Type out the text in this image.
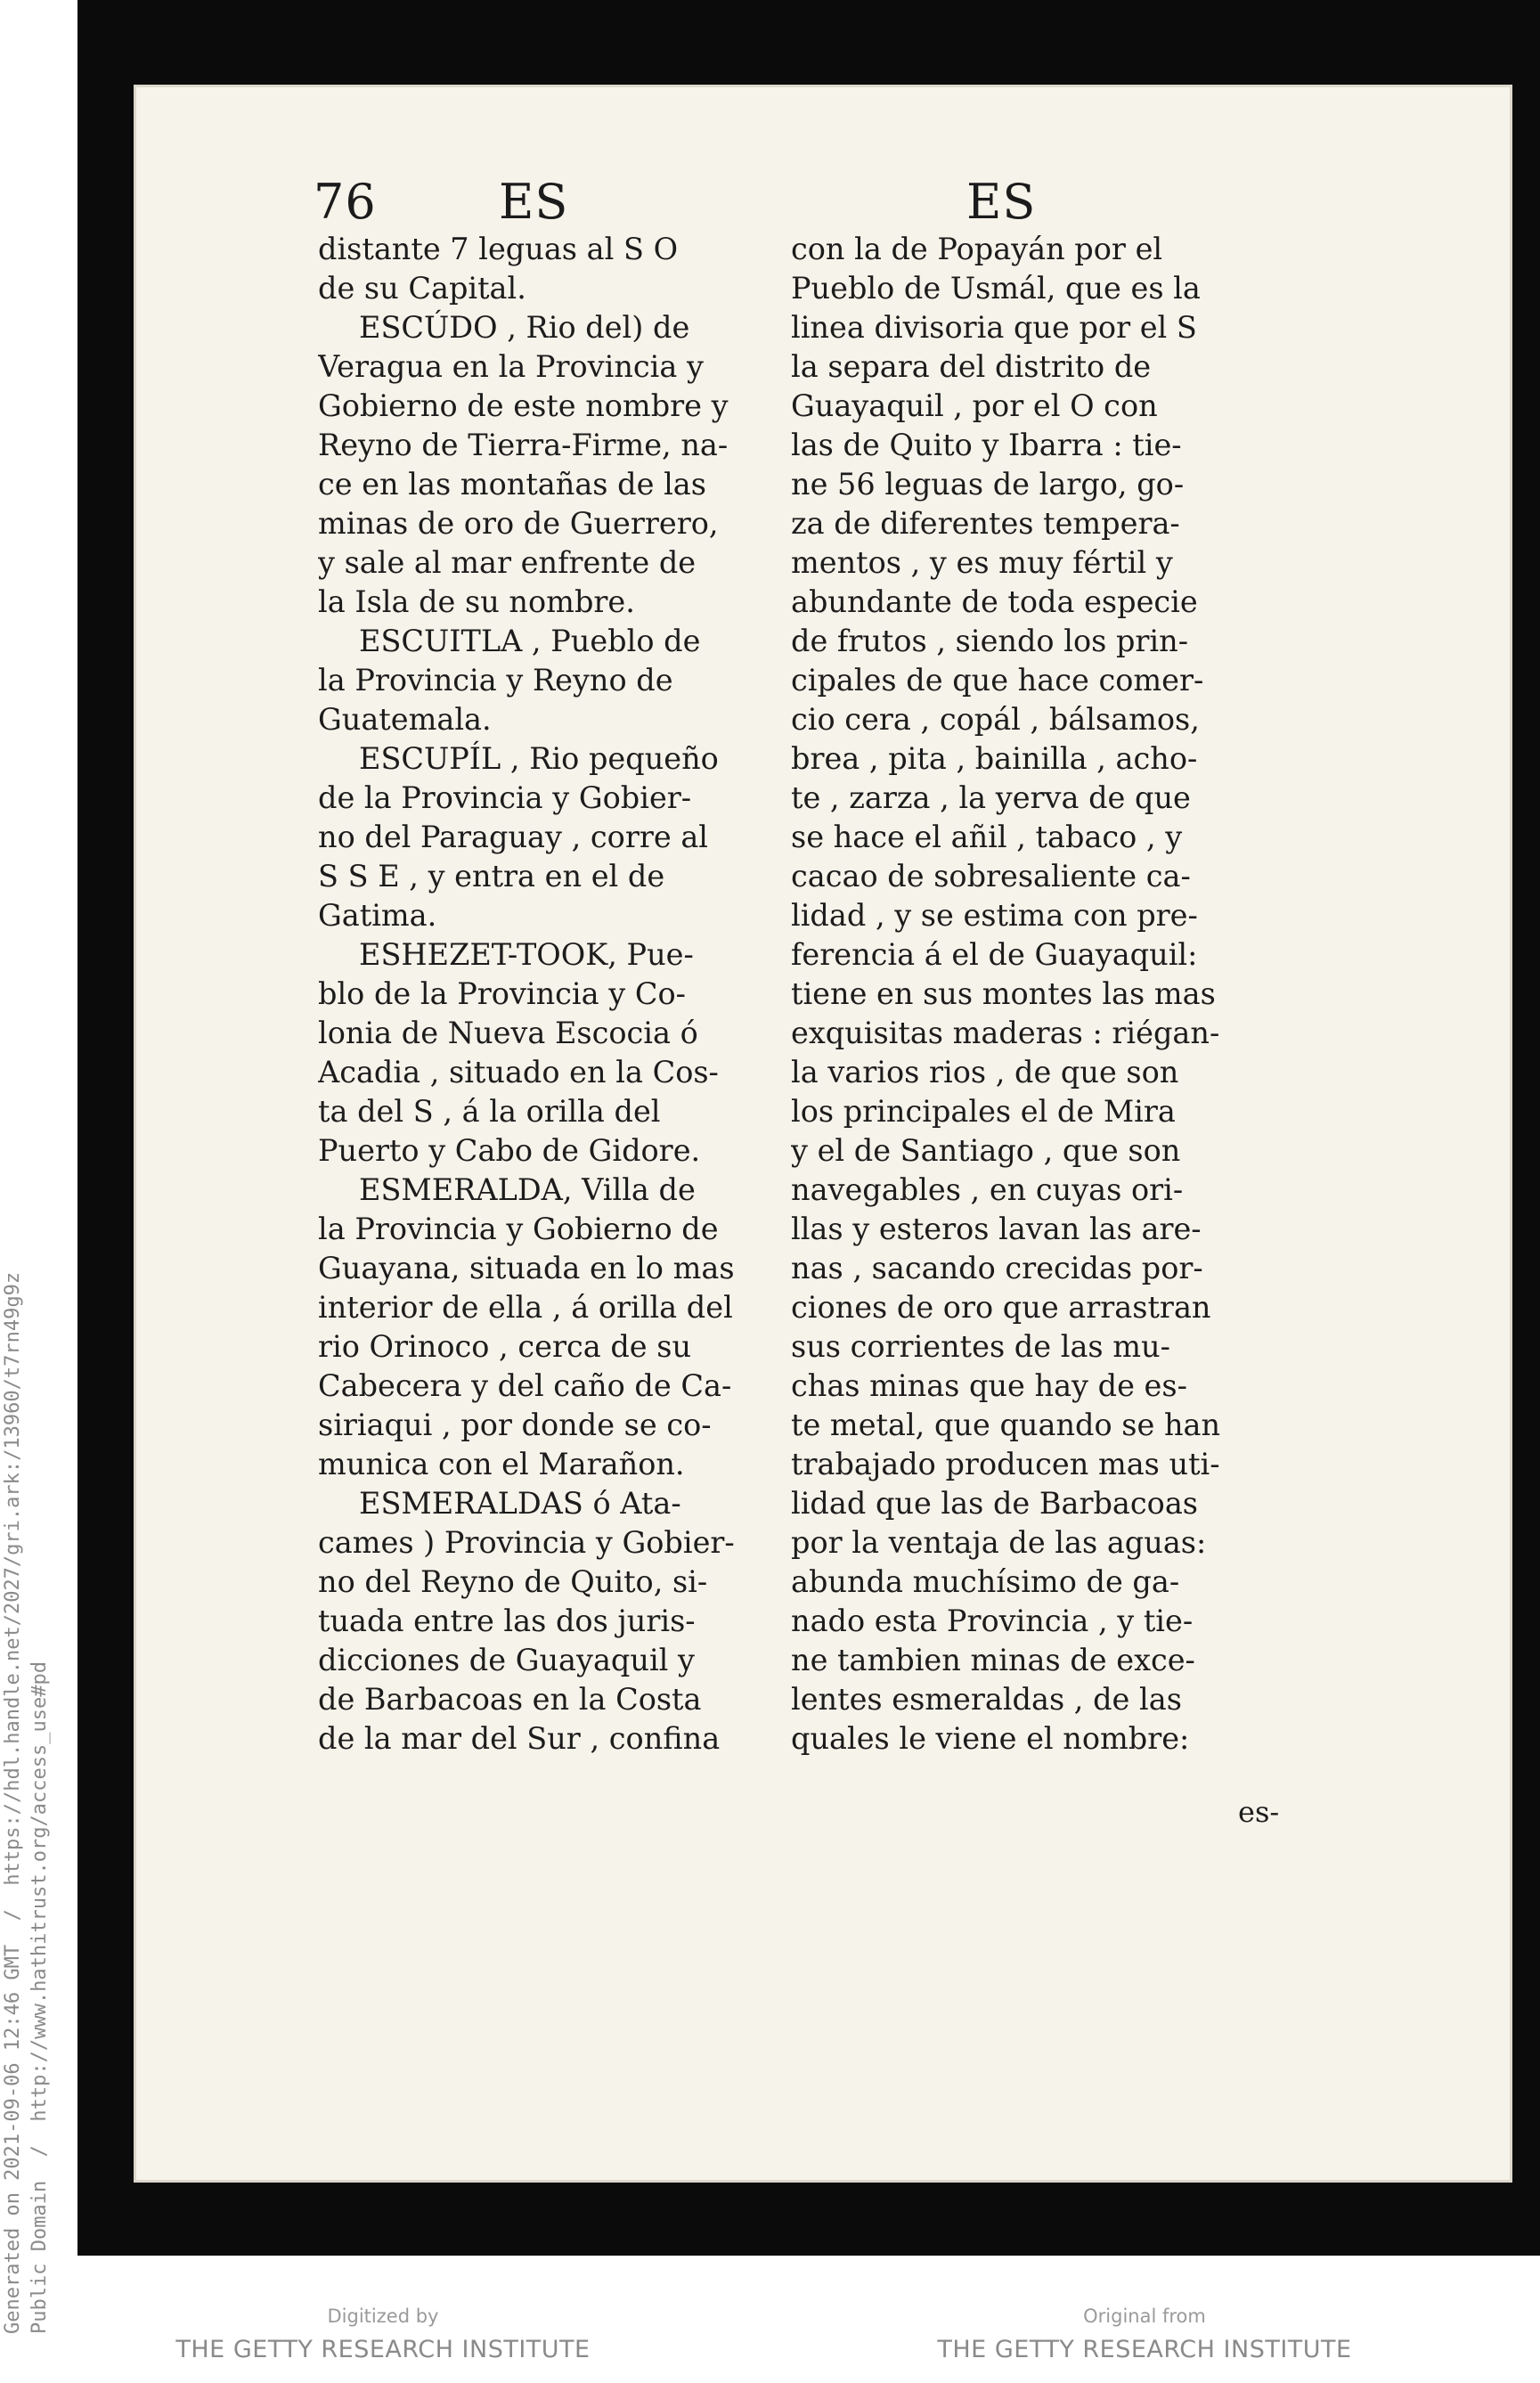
76	ES	ES
distante 7 leguas al S O
de su Capital.
ESCÚDO , Rio del) de
Veragua en la Provincia y
Gobierno de este nombre y
Reyno de Tierra-Firme, na-
ce en las montañas de las
minas de oro de Guerrero,
y sale al mar enfrente de
la Isla de su nombre.
ESCUITLA , Pueblo de
la Provincia y Reyno de
Guatemala.
ESCUPÍL , Rio pequeño
de la Provincia y Gobier-
no del Paraguay , corre al
S S E , y entra en el de
Gatima.
ESHEZET-TOOK, Pue-
blo de la Provincia y Co-
lonia de Nueva Escocia ó
Acadia , situado en la Cos-
ta del S , á la orilla del
Puerto y Cabo de Gidore.
ESMERALDA, Villa de
la Provincia y Gobierno de
Guayana, situada en lo mas
interior de ella , á orilla del
rio Orinoco , cerca de su
Cabecera y del caño de Ca-
siriaqui , por donde se co-
munica con el Marañon.
ESMERALDAS ó Ata-
cames ) Provincia y Gobier-
no del Reyno de Quito, si-
tuada entre las dos juris-
dicciones de Guayaquil y
de Barbacoas en la Costa
de la mar del Sur , confina
con la de Popayán por el
Pueblo de Usmál, que es la
linea divisoria que por el S
la separa del distrito de
Guayaquil , por el O con
las de Quito y Ibarra : tie-
ne 56 leguas de largo, go-
za de diferentes tempera-
mentos , y es muy fértil y
abundante de toda especie
de frutos , siendo los prin-
cipales de que hace comer-
cio cera , copál , bálsamos,
brea , pita , bainilla , acho-
te , zarza , la yerva de que
se hace el añil , tabaco , y
cacao de sobresaliente ca-
lidad , y se estima con pre-
ferencia á el de Guayaquil:
tiene en sus montes las mas
exquisitas maderas : riégan-
la varios rios , de que son
los principales el de Mira
y el de Santiago , que son
navegables , en cuyas ori-
llas y esteros lavan las are-
nas , sacando crecidas por-
ciones de oro que arrastran
sus corrientes de las mu-
chas minas que hay de es-
te metal, que quando se han
trabajado producen mas uti-
lidad que las de Barbacoas
por la ventaja de las aguas:
abunda muchísimo de ga-
nado esta Provincia , y tie-
ne tambien minas de exce-
lentes esmeraldas , de las
quales le viene el nombre:
es-
Generated on 2021-09-06 12:46 GMT  /  https://hdl.handle.net/2027/gri.ark:/13960/t7rn49g9z Public Domain  /  http://www.hathitrust.org/access_use#pd	Digitized by
THE GETTY RESEARCH INSTITUTE
Original from
THE GETTY RESEARCH INSTITUTE
